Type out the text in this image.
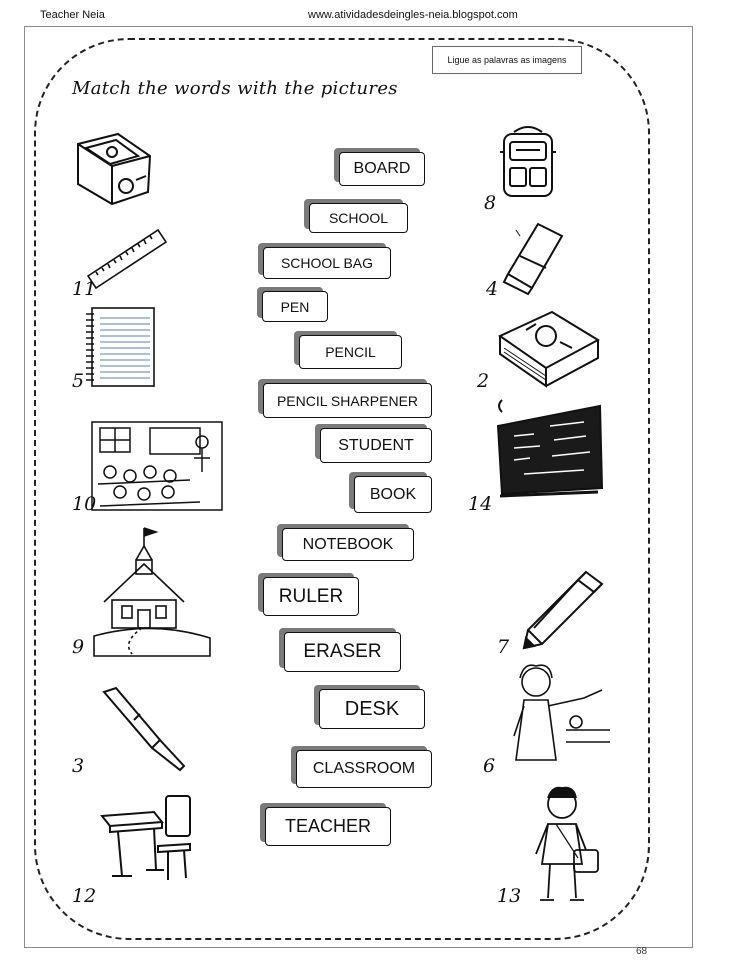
Teacher Neia	www.atividadesdeingles-neia.blogspot.com
Ligue as palavras as imagens
Match the words with the pictures
BOARD
SCHOOL
SCHOOL BAG
PEN
PENCIL
PENCIL SHARPENER
STUDENT
BOOK
NOTEBOOK
RULER
ERASER
DESK
CLASSROOM
TEACHER
8
11	4
5	2
10	14
9	7
3	6
12	13
68
